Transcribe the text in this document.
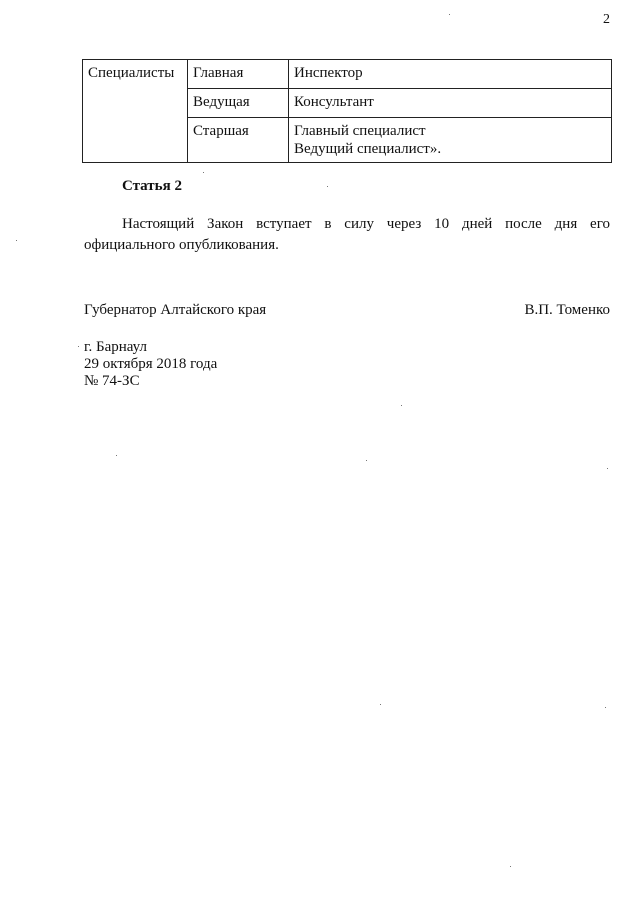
2
Специалисты	Главная	Инспектор

	Ведущая	Консультант

	Старшая	Главный специалист
Ведущий специалист».
Статья 2
Настоящий Закон вступает в силу через 10 дней после дня его официального опубликования.
Губернатор Алтайского края	В.П. Томенко
г. Барнаул
29 октября 2018 года
№ 74-ЗС
